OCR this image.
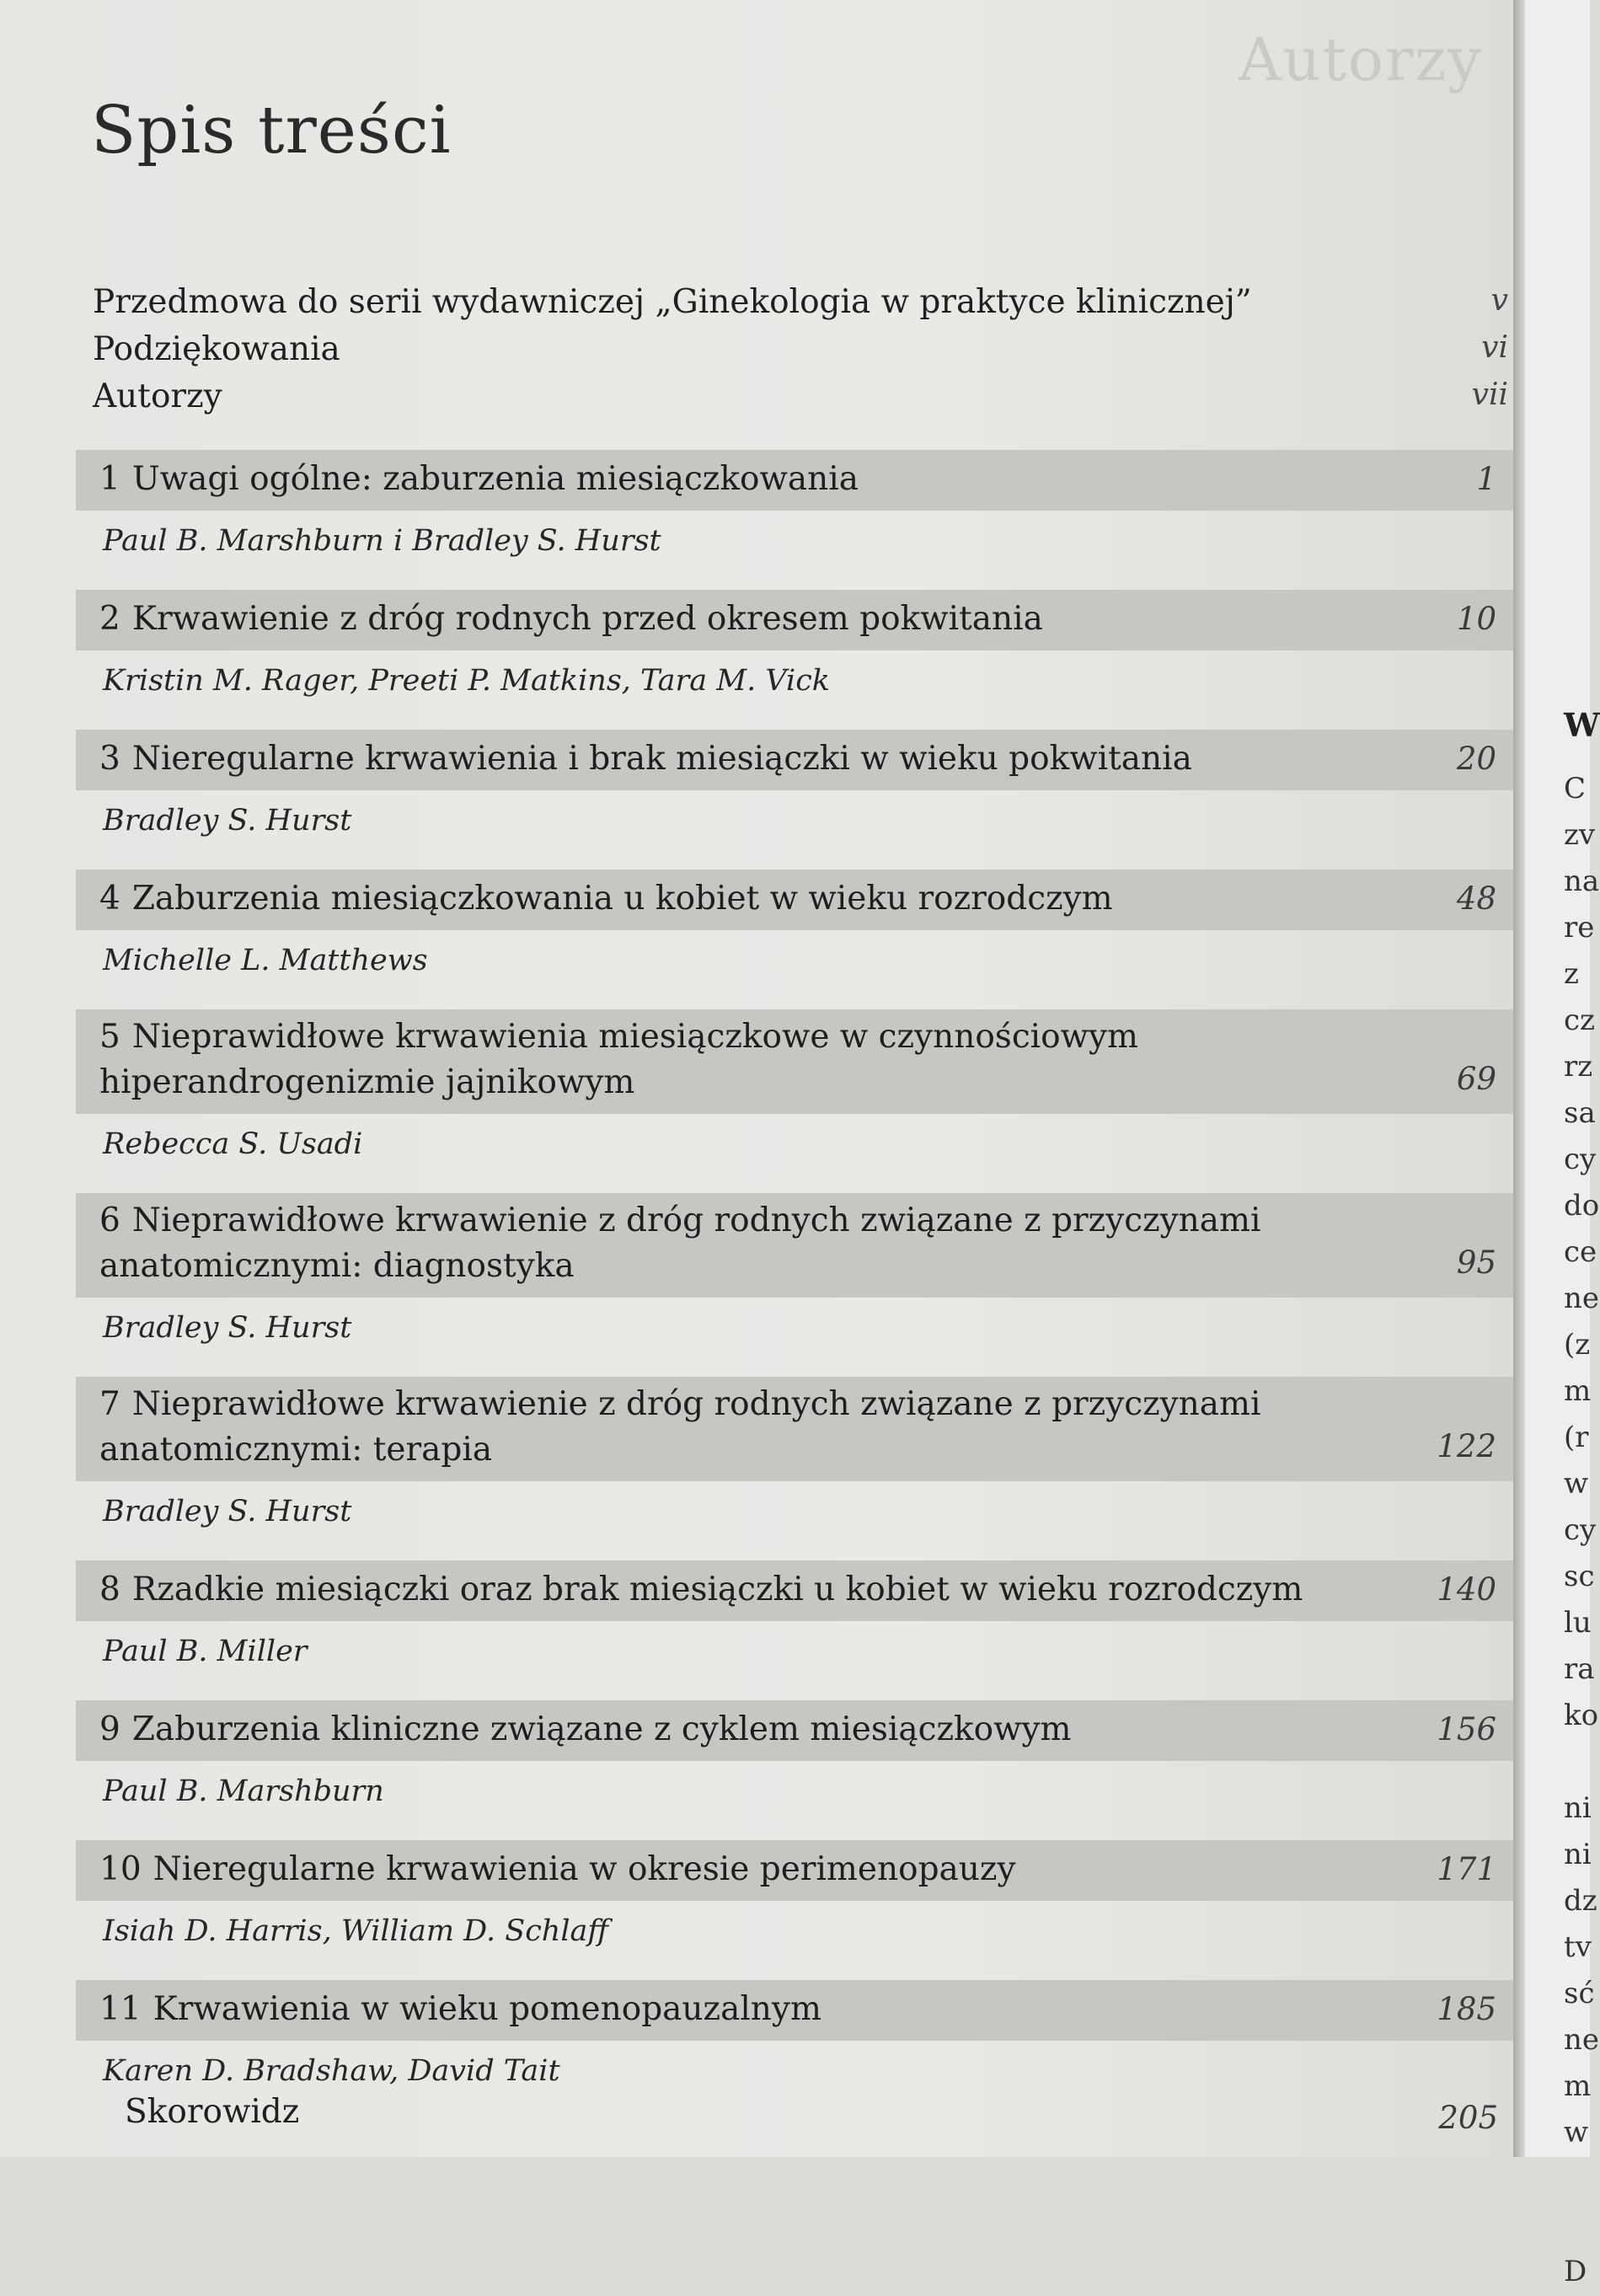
Autorzy
Spis treści
Przedmowa do serii wydawniczej „Ginekologia w praktyce klinicznej”	v
Podziękowania	vi
Autorzy	vii
1 Uwagi ogólne: zaburzenia miesiączkowania	1
Paul B. Marshburn i Bradley S. Hurst
2 Krwawienie z dróg rodnych przed okresem pokwitania	10
Kristin M. Rager, Preeti P. Matkins, Tara M. Vick
3 Nieregularne krwawienia i brak miesiączki w wieku pokwitania	20
Bradley S. Hurst
4 Zaburzenia miesiączkowania u kobiet w wieku rozrodczym	48
Michelle L. Matthews
5 Nieprawidłowe krwawienia miesiączkowe w czynnościowym hiperandrogenizmie jajnikowym	69
Rebecca S. Usadi
6 Nieprawidłowe krwawienie z dróg rodnych związane z przyczynami anatomicznymi: diagnostyka	95
Bradley S. Hurst
7 Nieprawidłowe krwawienie z dróg rodnych związane z przyczynami anatomicznymi: terapia	122
Bradley S. Hurst
8 Rzadkie miesiączki oraz brak miesiączki u kobiet w wieku rozrodczym	140
Paul B. Miller
9 Zaburzenia kliniczne związane z cyklem miesiączkowym	156
Paul B. Marshburn
10 Nieregularne krwawienia w okresie perimenopauzy	171
Isiah D. Harris, William D. Schlaff
11 Krwawienia w wieku pomenopauzalnym	185
Karen D. Bradshaw, David Tait
Skorowidz	205
W
C
zv
na
re
z
cz
rz
sa
cy
do
ce
ne
(z
m
(r
w
cy
sc
lu
ra
ko
ni
ni
dz
tv
sć
ne
m
w
D
